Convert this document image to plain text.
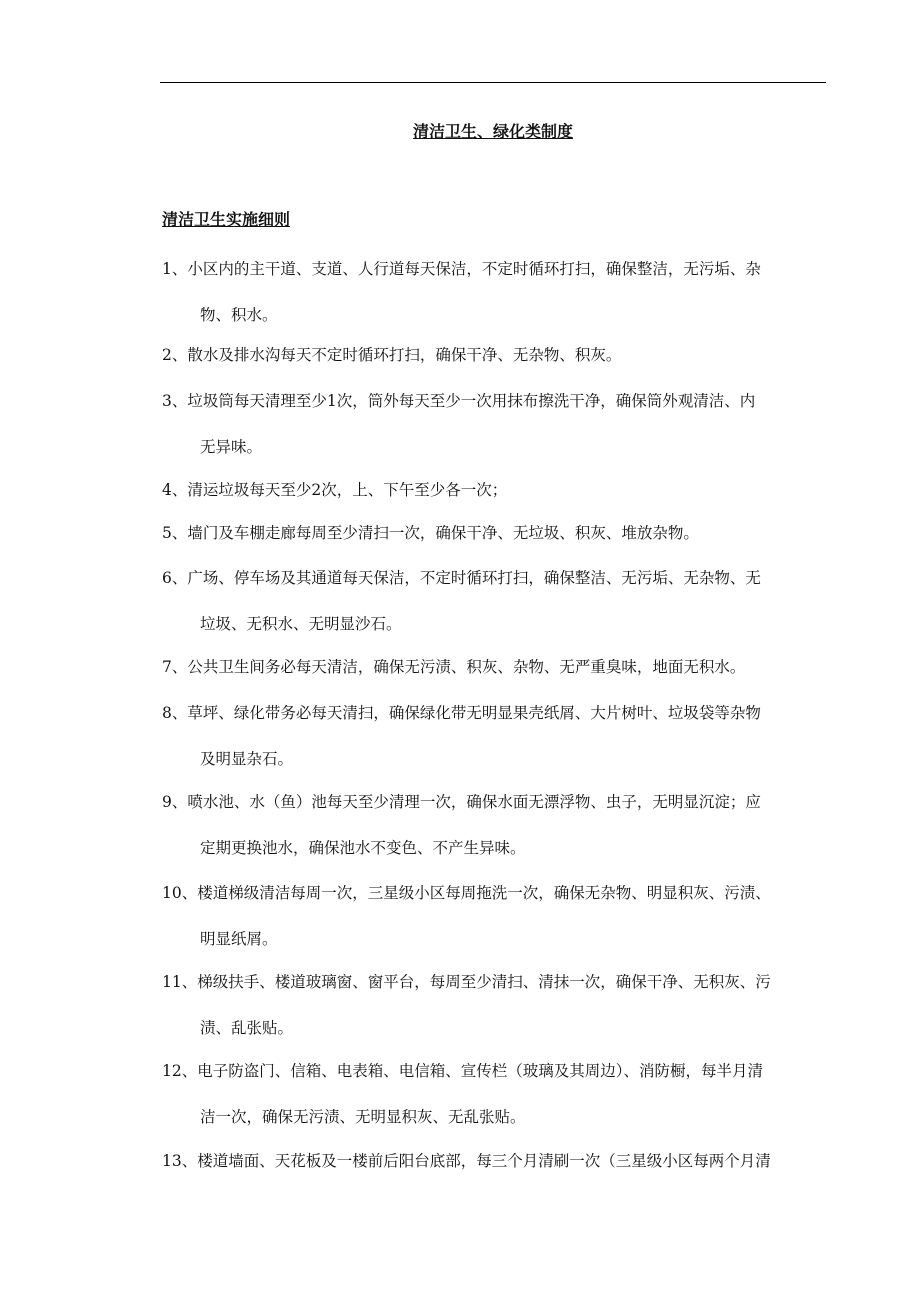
清洁卫生、绿化类制度
清洁卫生实施细则
1、小区内的主干道、支道、人行道每天保洁，不定时循环打扫，确保整洁，无污垢、杂
物、积水。
2、散水及排水沟每天不定时循环打扫，确保干净、无杂物、积灰。
3、垃圾筒每天清理至少1次，筒外每天至少一次用抹布擦洗干净，确保筒外观清洁、内
无异味。
4、清运垃圾每天至少2次，上、下午至少各一次；
5、墙门及车棚走廊每周至少清扫一次，确保干净、无垃圾、积灰、堆放杂物。
6、广场、停车场及其通道每天保洁，不定时循环打扫，确保整洁、无污垢、无杂物、无
垃圾、无积水、无明显沙石。
7、公共卫生间务必每天清洁，确保无污渍、积灰、杂物、无严重臭味，地面无积水。
8、草坪、绿化带务必每天清扫，确保绿化带无明显果壳纸屑、大片树叶、垃圾袋等杂物
及明显杂石。
9、喷水池、水（鱼）池每天至少清理一次，确保水面无漂浮物、虫子，无明显沉淀；应
定期更换池水，确保池水不变色、不产生异味。
10、楼道梯级清洁每周一次，三星级小区每周拖洗一次，确保无杂物、明显积灰、污渍、
明显纸屑。
11、梯级扶手、楼道玻璃窗、窗平台，每周至少清扫、清抹一次，确保干净、无积灰、污
渍、乱张贴。
12、电子防盗门、信箱、电表箱、电信箱、宣传栏（玻璃及其周边）、消防橱，每半月清
洁一次，确保无污渍、无明显积灰、无乱张贴。
13、楼道墙面、天花板及一楼前后阳台底部，每三个月清刷一次（三星级小区每两个月清
